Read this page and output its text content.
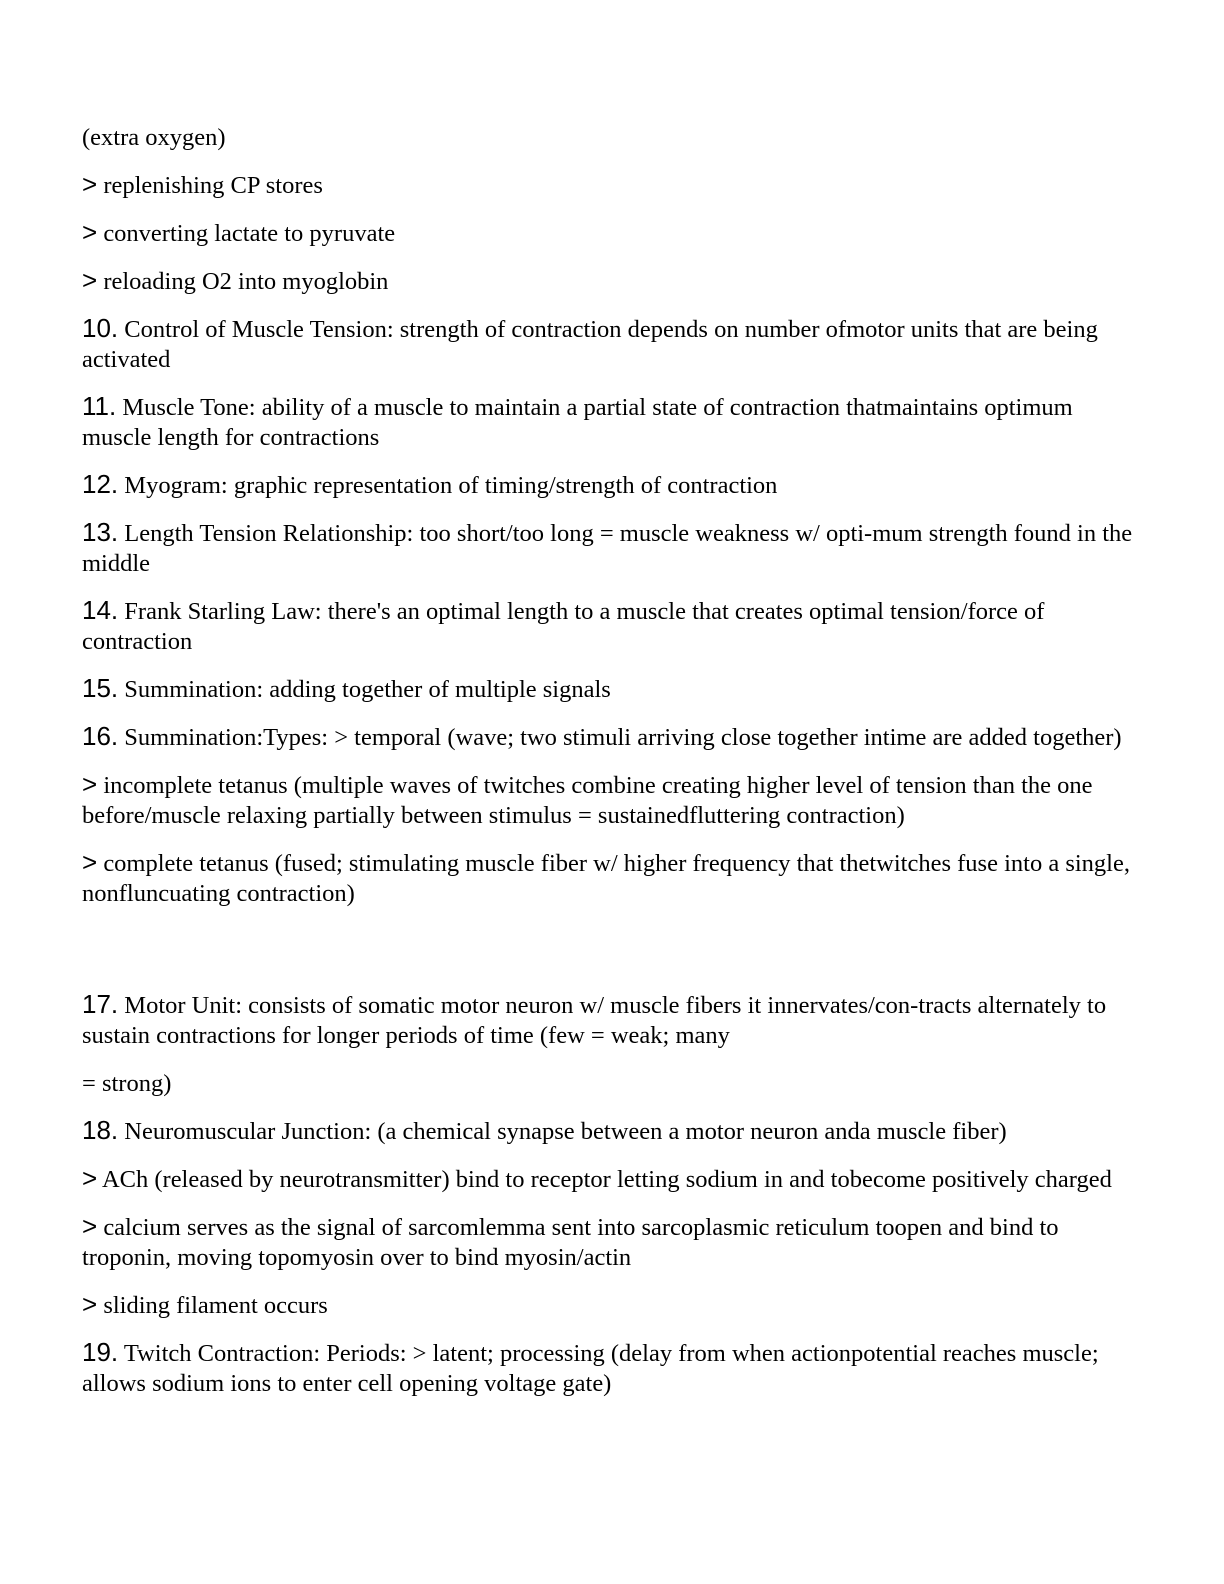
(extra oxygen)

> replenishing CP stores

> converting lactate to pyruvate

> reloading O2 into myoglobin

10. Control of Muscle Tension: strength of contraction depends on number ofmotor units that are being activated

11. Muscle Tone: ability of a muscle to maintain a partial state of contraction thatmaintains optimum muscle length for contractions

12. Myogram: graphic representation of timing/strength of contraction

13. Length Tension Relationship: too short/too long = muscle weakness w/ opti-mum strength found in the middle

14. Frank Starling Law: there's an optimal length to a muscle that creates optimal tension/force of contraction

15. Summination: adding together of multiple signals

16. Summination:Types: > temporal (wave; two stimuli arriving close together intime are added together)

> incomplete tetanus (multiple waves of twitches combine creating higher level of tension than the one before/muscle relaxing partially between stimulus = sustainedfluttering contraction)

> complete tetanus (fused; stimulating muscle fiber w/ higher frequency that thetwitches fuse into a single, nonfluncuating contraction)

17. Motor Unit: consists of somatic motor neuron w/ muscle fibers it innervates/con-tracts alternately to sustain contractions for longer periods of time (few = weak; many

= strong)

18. Neuromuscular Junction: (a chemical synapse between a motor neuron anda muscle fiber)

> ACh (released by neurotransmitter) bind to receptor letting sodium in and tobecome positively charged

> calcium serves as the signal of sarcomlemma sent into sarcoplasmic reticulum toopen and bind to troponin, moving topomyosin over to bind myosin/actin

> sliding filament occurs

19. Twitch Contraction: Periods: > latent; processing (delay from when actionpotential reaches muscle; allows sodium ions to enter cell opening voltage gate)
